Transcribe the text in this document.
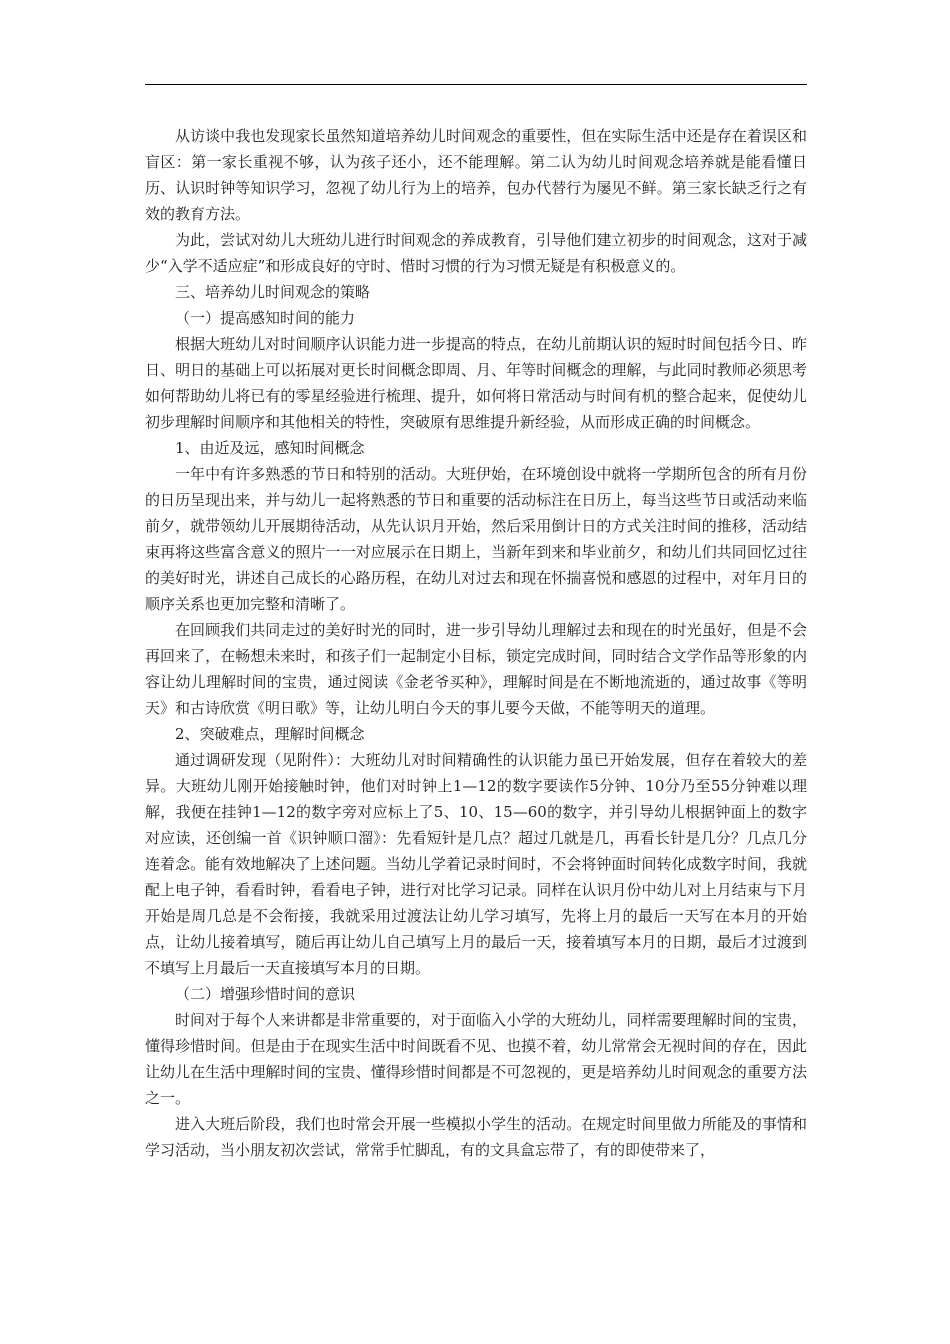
从访谈中我也发现家长虽然知道培养幼儿时间观念的重要性，但在实际生活中还是存在着误区和盲区：第一家长重视不够，认为孩子还小，还不能理解。第二认为幼儿时间观念培养就是能看懂日历、认识时钟等知识学习，忽视了幼儿行为上的培养，包办代替行为屡见不鲜。第三家长缺乏行之有效的教育方法。

为此，尝试对幼儿大班幼儿进行时间观念的养成教育，引导他们建立初步的时间观念，这对于减少“入学不适应症”和形成良好的守时、惜时习惯的行为习惯无疑是有积极意义的。

三、培养幼儿时间观念的策略

（一）提高感知时间的能力

根据大班幼儿对时间顺序认识能力进一步提高的特点，在幼儿前期认识的短时时间包括今日、昨日、明日的基础上可以拓展对更长时间概念即周、月、年等时间概念的理解，与此同时教师必须思考如何帮助幼儿将已有的零星经验进行梳理、提升，如何将日常活动与时间有机的整合起来，促使幼儿初步理解时间顺序和其他相关的特性，突破原有思维提升新经验，从而形成正确的时间概念。

1、由近及远，感知时间概念

一年中有许多熟悉的节日和特别的活动。大班伊始，在环境创设中就将一学期所包含的所有月份的日历呈现出来，并与幼儿一起将熟悉的节日和重要的活动标注在日历上，每当这些节日或活动来临前夕，就带领幼儿开展期待活动，从先认识月开始，然后采用倒计日的方式关注时间的推移，活动结束再将这些富含意义的照片一一对应展示在日期上，当新年到来和毕业前夕，和幼儿们共同回忆过往的美好时光，讲述自己成长的心路历程，在幼儿对过去和现在怀揣喜悦和感恩的过程中，对年月日的顺序关系也更加完整和清晰了。

在回顾我们共同走过的美好时光的同时，进一步引导幼儿理解过去和现在的时光虽好，但是不会再回来了，在畅想未来时，和孩子们一起制定小目标，锁定完成时间，同时结合文学作品等形象的内容让幼儿理解时间的宝贵，通过阅读《金老爷买种》，理解时间是在不断地流逝的，通过故事《等明天》和古诗欣赏《明日歌》等，让幼儿明白今天的事儿要今天做，不能等明天的道理。

2、突破难点，理解时间概念

通过调研发现（见附件）：大班幼儿对时间精确性的认识能力虽已开始发展，但存在着较大的差异。大班幼儿刚开始接触时钟，他们对时钟上1—12的数字要读作5分钟、10分乃至55分钟难以理解，我便在挂钟1—12的数字旁对应标上了5、10、15—60的数字，并引导幼儿根据钟面上的数字对应读，还创编一首《识钟顺口溜》：先看短针是几点？超过几就是几，再看长针是几分？几点几分连着念。能有效地解决了上述问题。当幼儿学着记录时间时，不会将钟面时间转化成数字时间，我就配上电子钟，看看时钟，看看电子钟，进行对比学习记录。同样在认识月份中幼儿对上月结束与下月开始是周几总是不会衔接，我就采用过渡法让幼儿学习填写，先将上月的最后一天写在本月的开始点，让幼儿接着填写，随后再让幼儿自己填写上月的最后一天，接着填写本月的日期，最后才过渡到不填写上月最后一天直接填写本月的日期。

（二）增强珍惜时间的意识

时间对于每个人来讲都是非常重要的，对于面临入小学的大班幼儿，同样需要理解时间的宝贵，懂得珍惜时间。但是由于在现实生活中时间既看不见、也摸不着，幼儿常常会无视时间的存在，因此让幼儿在生活中理解时间的宝贵、懂得珍惜时间都是不可忽视的，更是培养幼儿时间观念的重要方法之一。

进入大班后阶段，我们也时常会开展一些模拟小学生的活动。在规定时间里做力所能及的事情和学习活动，当小朋友初次尝试，常常手忙脚乱，有的文具盒忘带了，有的即使带来了，
